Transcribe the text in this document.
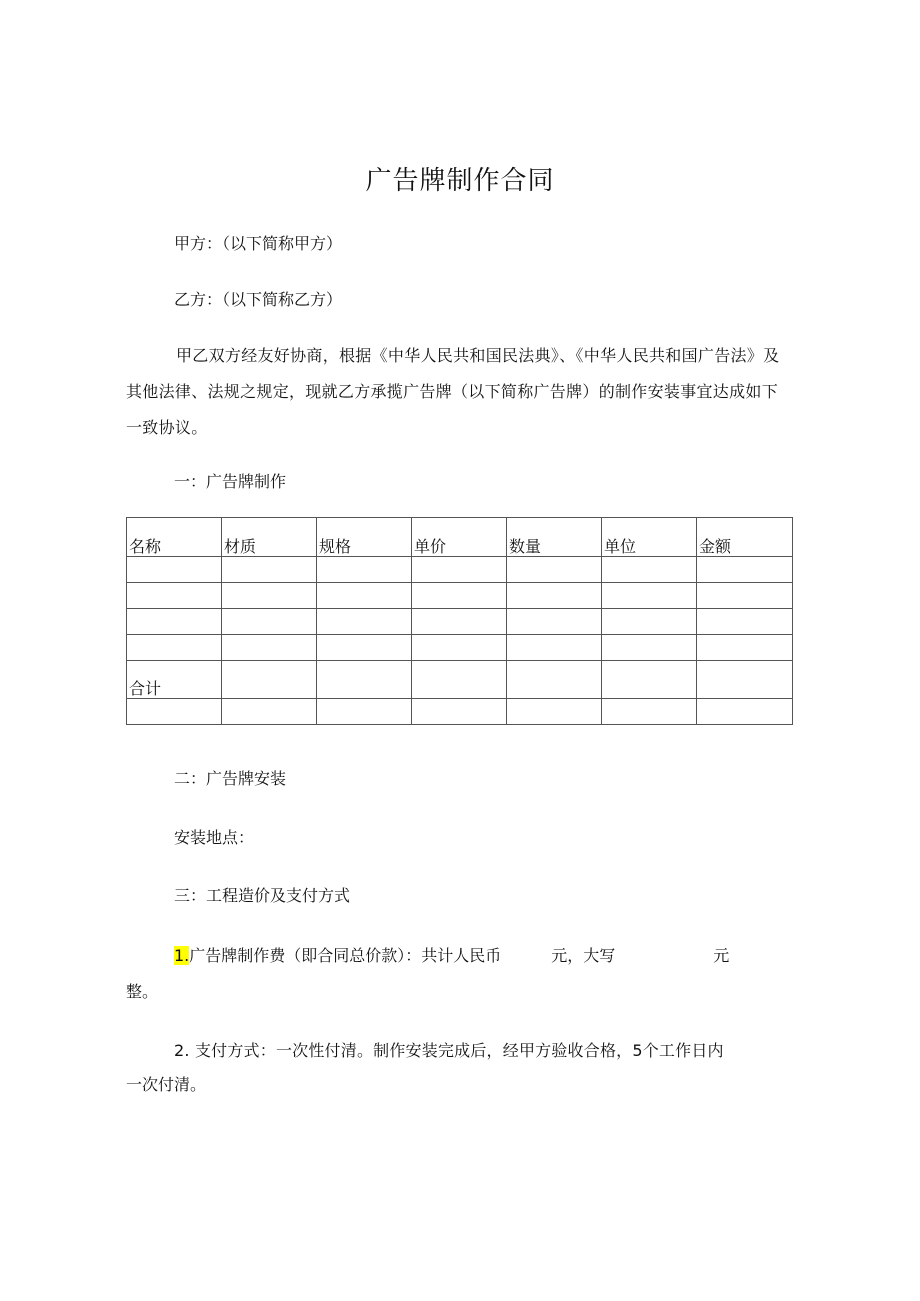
广告牌制作合同
甲方：（以下简称甲方）
乙方：（以下简称乙方）
甲乙双方经友好协商，根据《中华人民共和国民法典》、《中华人民共和国广告法》及其他法律、法规之规定，现就乙方承揽广告牌（以下简称广告牌）的制作安装事宜达成如下一致协议。
一：广告牌制作
名称	材质	规格	单价	数量	单位	金额

合计						

二：广告牌安装
安装地点：
三：工程造价及支付方式
1.广告牌制作费（即合同总价款）：共计人民币	元，大写	元
整。
2. 支付方式：一次性付清。制作安装完成后，经甲方验收合格，5个工作日内
一次付清。
